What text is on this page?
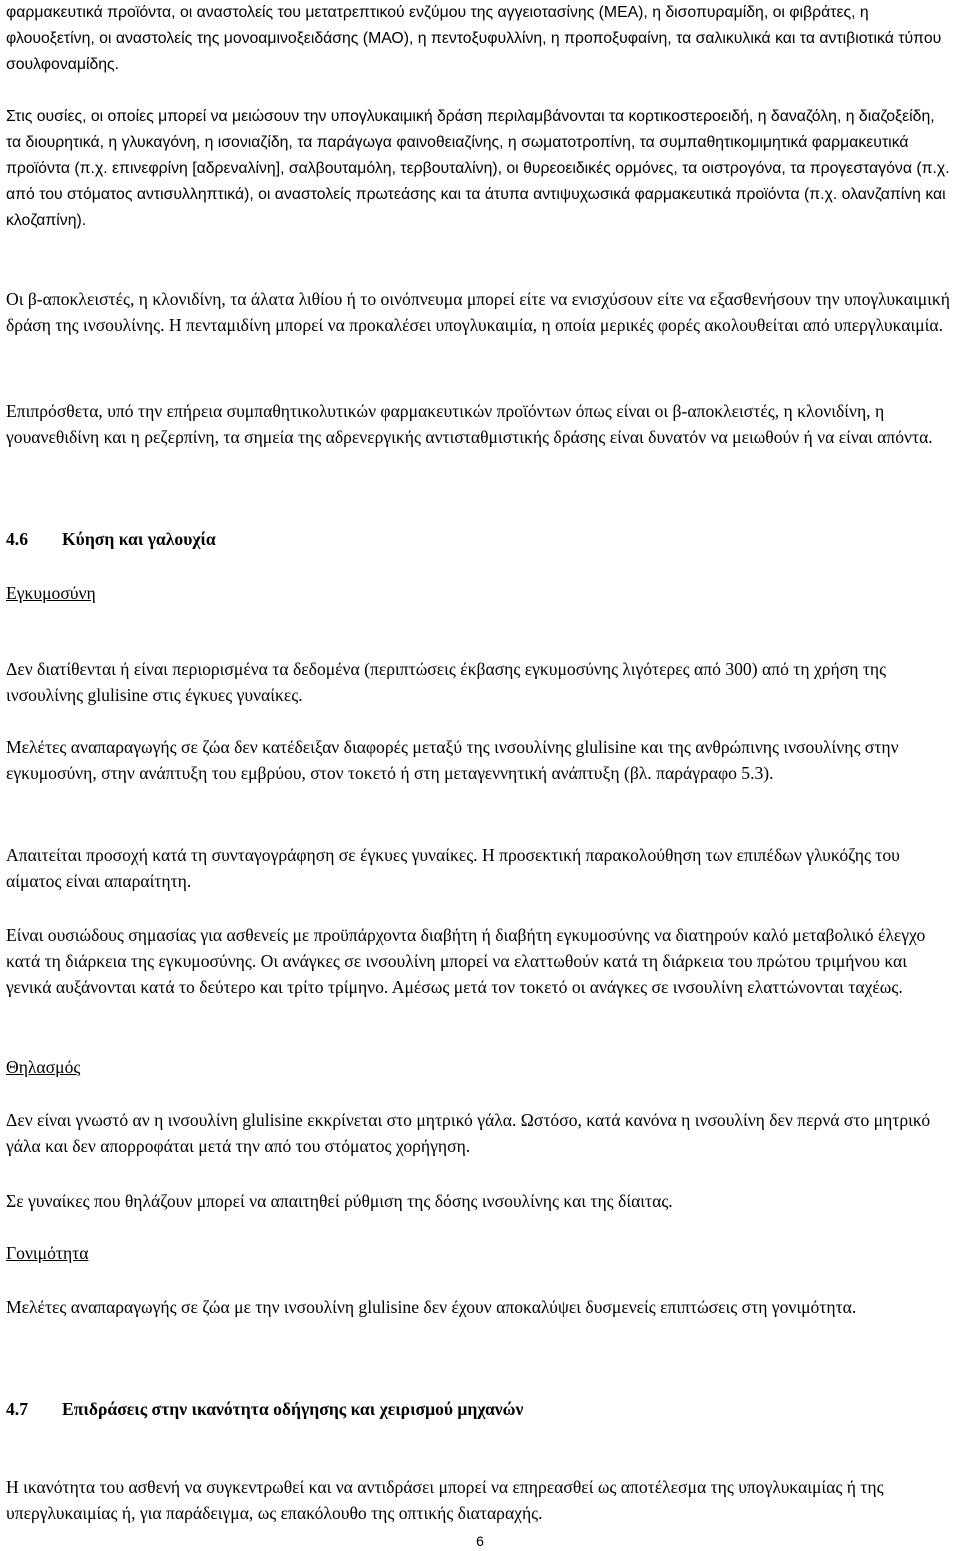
φαρμακευτικά προϊόντα, οι αναστολείς του μετατρεπτικού ενζύμου της αγγειοτασίνης (ΜΕΑ), η δισοπυραμίδη, οι φιβράτες, η φλουοξετίνη, οι αναστολείς της μονοαμινοξειδάσης (ΜΑΟ), η πεντοξυφυλλίνη, η προποξυφαίνη, τα σαλικυλικά και τα αντιβιοτικά τύπου σουλφοναμίδης.

Στις ουσίες, οι οποίες μπορεί να μειώσουν την υπογλυκαιμική δράση περιλαμβάνονται τα κορτικοστεροειδή, η δαναζόλη, η διαζοξείδη, τα διουρητικά, η γλυκαγόνη, η ισονιαζίδη, τα παράγωγα φαινοθειαζίνης, η σωματοτροπίνη, τα συμπαθητικομιμητικά φαρμακευτικά προϊόντα (π.χ. επινεφρίνη [αδρεναλίνη], σαλβουταμόλη, τερβουταλίνη), οι θυρεοειδικές ορμόνες, τα οιστρογόνα, τα προγεσταγόνα (π.χ. από του στόματος αντισυλληπτικά), οι αναστολείς πρωτεάσης και τα άτυπα αντιψυχωσικά φαρμακευτικά προϊόντα (π.χ. ολανζαπίνη και κλοζαπίνη).

Οι β-αποκλειστές, η κλονιδίνη, τα άλατα λιθίου ή το οινόπνευμα μπορεί είτε να ενισχύσουν είτε να εξασθενήσουν την υπογλυκαιμική δράση της ινσουλίνης. Η πενταμιδίνη μπορεί να προκαλέσει υπογλυκαιμία, η οποία μερικές φορές ακολουθείται από υπεργλυκαιμία.

Επιπρόσθετα, υπό την επήρεια συμπαθητικολυτικών φαρμακευτικών προϊόντων όπως είναι οι β-αποκλειστές, η κλονιδίνη, η γουανεθιδίνη και η ρεζερπίνη, τα σημεία της αδρενεργικής αντισταθμιστικής δράσης είναι δυνατόν να μειωθούν ή να είναι απόντα.

4.6 Κύηση και γαλουχία
Εγκυμοσύνη

Δεν διατίθενται ή είναι περιορισμένα τα δεδομένα (περιπτώσεις έκβασης εγκυμοσύνης λιγότερες από 300) από τη χρήση της ινσουλίνης glulisine στις έγκυες γυναίκες.

Μελέτες αναπαραγωγής σε ζώα δεν κατέδειξαν διαφορές μεταξύ της ινσουλίνης glulisine και της ανθρώπινης ινσουλίνης στην εγκυμοσύνη, στην ανάπτυξη του εμβρύου, στον τοκετό ή στη μεταγεννητική ανάπτυξη (βλ. παράγραφο 5.3).

Απαιτείται προσοχή κατά τη συνταγογράφηση σε έγκυες γυναίκες. Η προσεκτική παρακολούθηση των επιπέδων γλυκόζης του αίματος είναι απαραίτητη.

Είναι ουσιώδους σημασίας για ασθενείς με προϋπάρχοντα διαβήτη ή διαβήτη εγκυμοσύνης να διατηρούν καλό μεταβολικό έλεγχο κατά τη διάρκεια της εγκυμοσύνης. Οι ανάγκες σε ινσουλίνη μπορεί να ελαττωθούν κατά τη διάρκεια του πρώτου τριμήνου και γενικά αυξάνονται κατά το δεύτερο και τρίτο τρίμηνο. Αμέσως μετά τον τοκετό οι ανάγκες σε ινσουλίνη ελαττώνονται ταχέως.

Θηλασμός

Δεν είναι γνωστό αν η ινσουλίνη glulisine εκκρίνεται στο μητρικό γάλα. Ωστόσο, κατά κανόνα η ινσουλίνη δεν περνά στο μητρικό γάλα και δεν απορροφάται μετά την από του στόματος χορήγηση.

Σε γυναίκες που θηλάζουν μπορεί να απαιτηθεί ρύθμιση της δόσης ινσουλίνης και της δίαιτας.

Γονιμότητα

Μελέτες αναπαραγωγής σε ζώα με την ινσουλίνη glulisine δεν έχουν αποκαλύψει δυσμενείς επιπτώσεις στη γονιμότητα.

4.7 Επιδράσεις στην ικανότητα οδήγησης και χειρισμού μηχανών

Η ικανότητα του ασθενή να συγκεντρωθεί και να αντιδράσει μπορεί να επηρεασθεί ως αποτέλεσμα της υπογλυκαιμίας ή της υπεργλυκαιμίας ή, για παράδειγμα, ως επακόλουθο της οπτικής διαταραχής.

6
